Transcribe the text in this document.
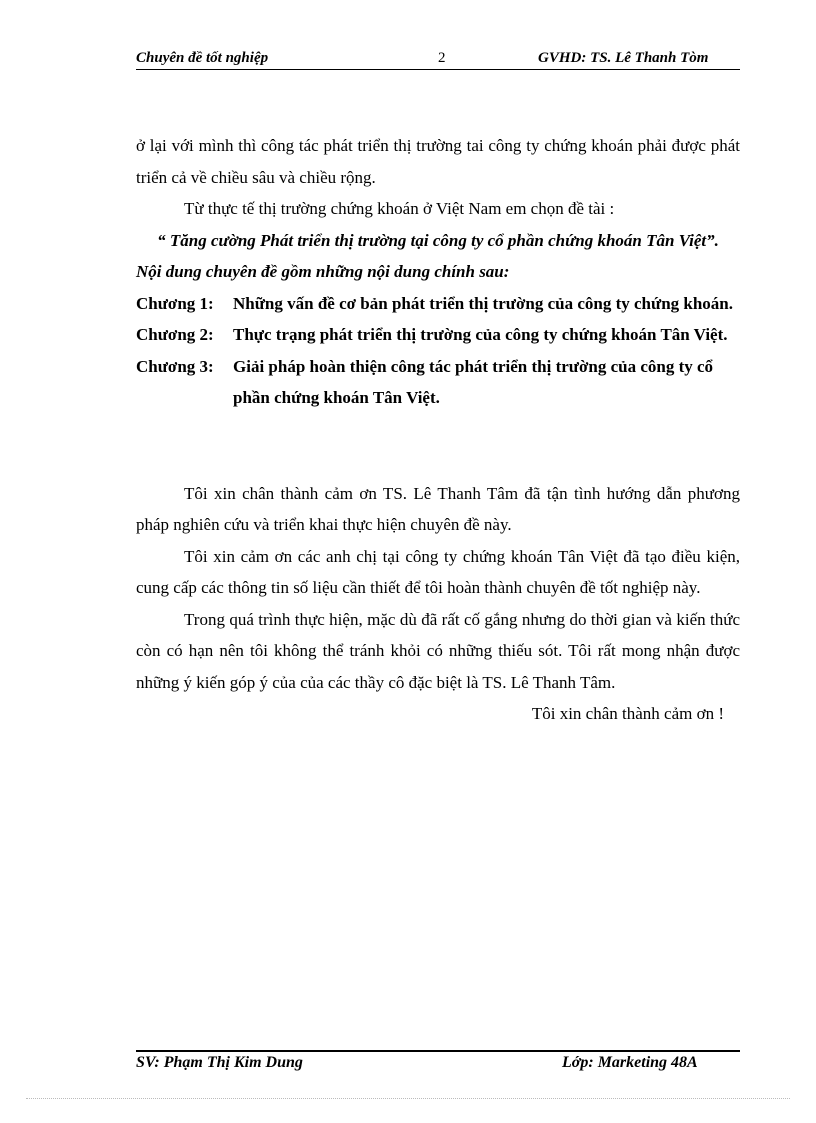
Chuyên đề tốt nghiệp	2	GVHD: TS. Lê Thanh Tòm

ở lại với mình thì công tác phát triển thị trường tai công ty chứng khoán phải được phát triển cả về chiều sâu và chiều rộng.

Từ thực tế thị trường chứng khoán ở Việt Nam em chọn đề tài :

“ Tăng cường Phát triển thị trường tại công ty cổ phần chứng khoán Tân Việt”.

Nội dung chuyên đề gồm những nội dung chính sau:

Chương 1:	Những vấn đề cơ bản phát triển thị trường của công ty chứng khoán.
Chương 2:	Thực trạng phát triển thị trường của công ty chứng khoán Tân Việt.
Chương 3:	Giải pháp hoàn thiện công tác phát triển thị trường của công ty cổ phần chứng khoán Tân Việt.

Tôi xin chân thành cảm ơn TS. Lê Thanh Tâm đã tận tình hướng dẫn phương pháp nghiên cứu và triển khai thực hiện chuyên đề này.

Tôi xin cảm ơn các anh chị tại công ty chứng khoán Tân Việt đã tạo điều kiện, cung cấp các thông tin số liệu cần thiết để tôi hoàn thành chuyên đề tốt nghiệp này.

Trong quá trình thực hiện, mặc dù đã rất cố gắng nhưng do thời gian và kiến thức còn có hạn nên tôi không thể tránh khỏi có những thiếu sót. Tôi rất mong nhận được những ý kiến góp ý của của các thầy cô đặc biệt là TS. Lê Thanh Tâm.

Tôi xin chân thành cảm ơn !

SV: Phạm Thị Kim Dung	Lớp: Marketing 48A
